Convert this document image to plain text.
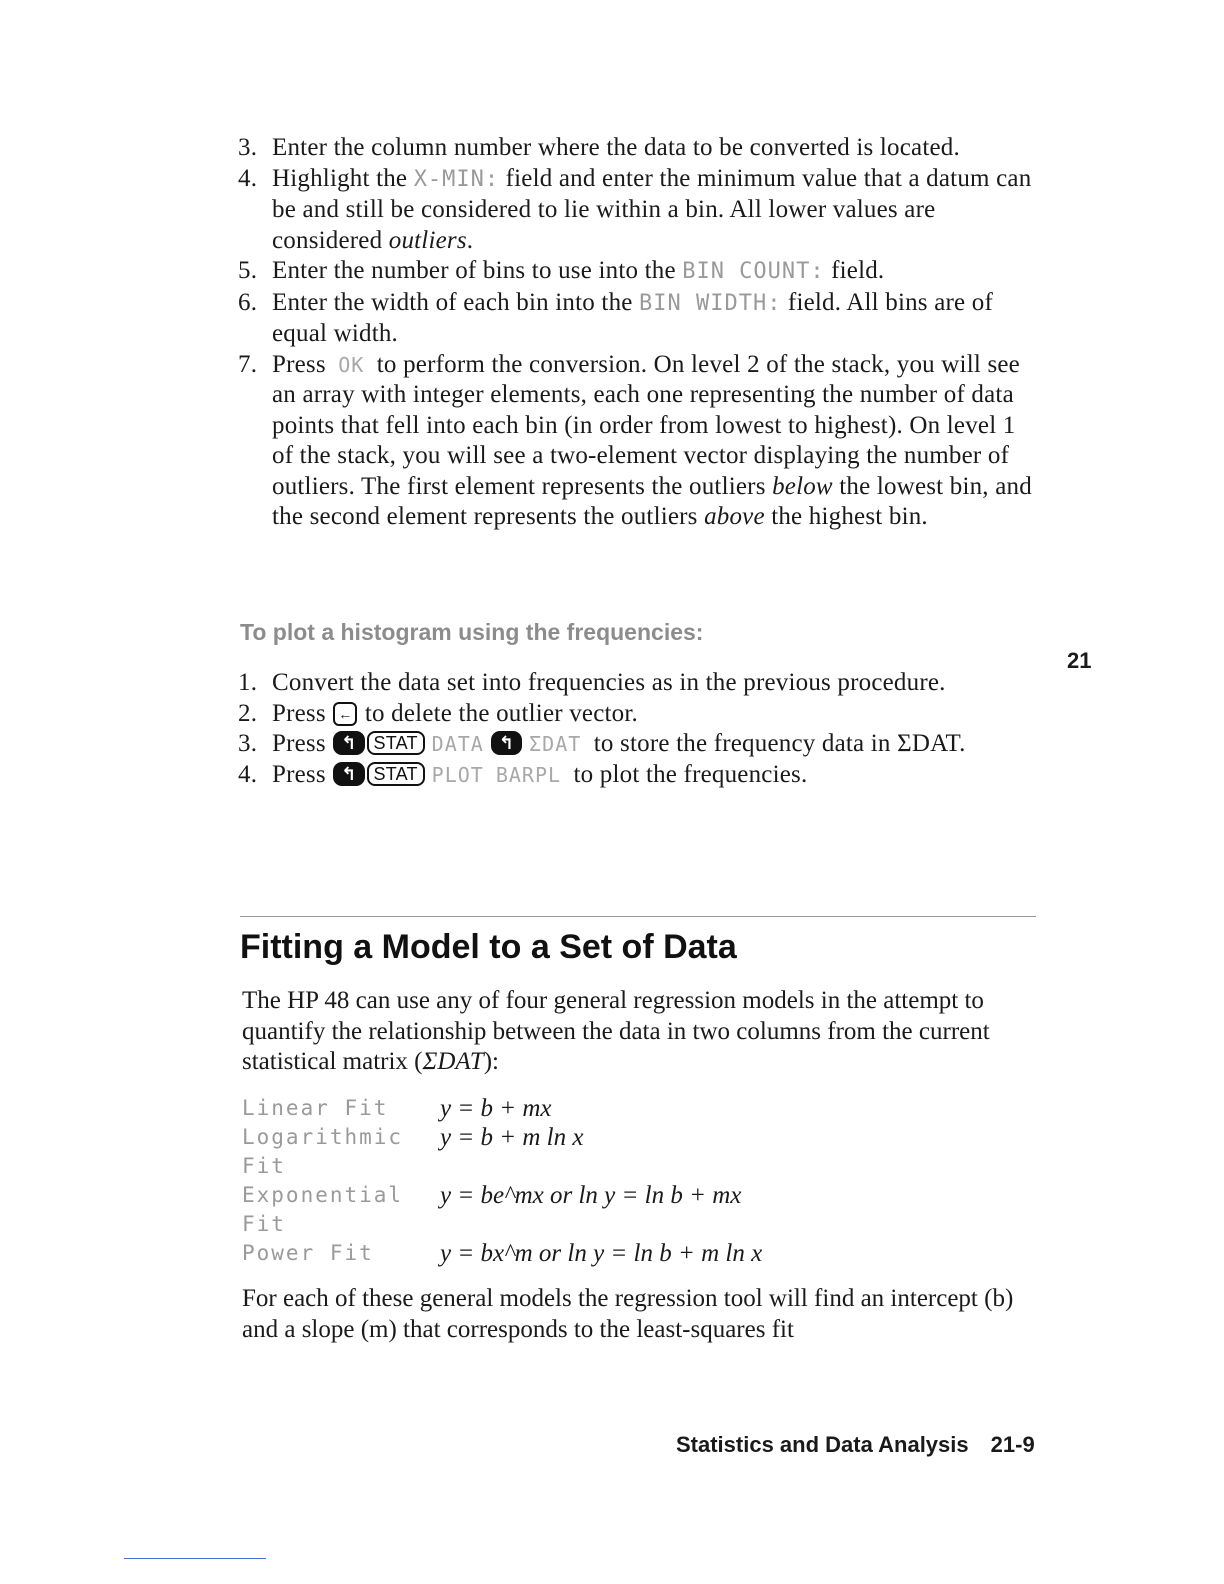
3. Enter the column number where the data to be converted is located.
4. Highlight the X-MIN: field and enter the minimum value that a datum can be and still be considered to lie within a bin. All lower values are considered outliers.
5. Enter the number of bins to use into the BIN COUNT: field.
6. Enter the width of each bin into the BIN WIDTH: field. All bins are of equal width.
7. Press OK to perform the conversion. On level 2 of the stack, you will see an array with integer elements, each one representing the number of data points that fell into each bin (in order from lowest to highest). On level 1 of the stack, you will see a two-element vector displaying the number of outliers. The first element represents the outliers below the lowest bin, and the second element represents the outliers above the highest bin.
To plot a histogram using the frequencies:
21
1. Convert the data set into frequencies as in the previous procedure.
2. Press ← to delete the outlier vector.
3. Press ↰ STAT DATA ↰ ΣDAT to store the frequency data in ΣDAT.
4. Press ↰ STAT PLOT BARPL to plot the frequencies.
Fitting a Model to a Set of Data
The HP 48 can use any of four general regression models in the attempt to quantify the relationship between the data in two columns from the current statistical matrix (ΣDAT):
Linear Fit	y = b + mx
Logarithmic Fit
y = b + m ln x
Exponential Fit
y = be^mx or ln y = ln b + mx
Power Fit	y = bx^m or ln y = ln b + m ln x
For each of these general models the regression tool will find an intercept (b) and a slope (m) that corresponds to the least-squares fit
Statistics and Data Analysis 21-9
